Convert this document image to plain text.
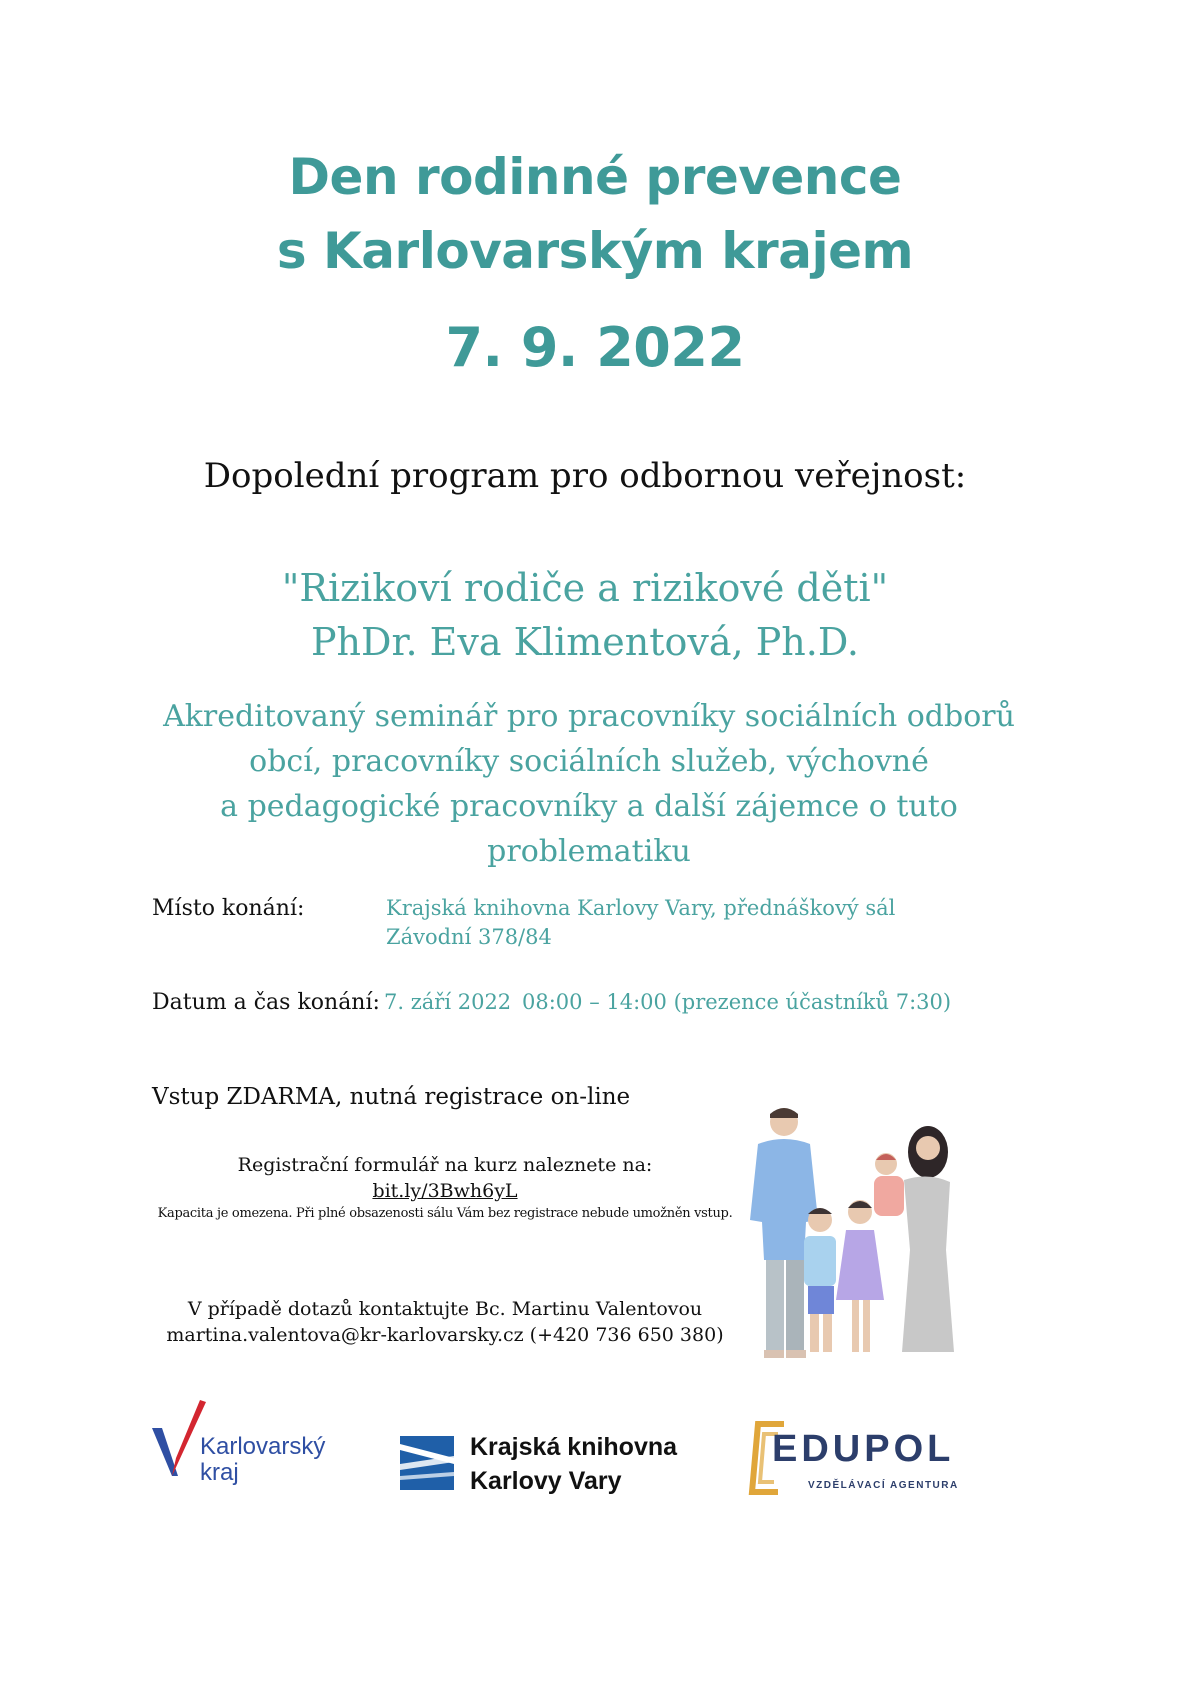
Den rodinné prevence
s Karlovarským krajem
7. 9. 2022
Dopolední program pro odbornou veřejnost:
"Rizikoví rodiče a rizikové děti"
PhDr. Eva Klimentová, Ph.D.
Akreditovaný seminář pro pracovníky sociálních odborů
obcí, pracovníky sociálních služeb, výchovné
a pedagogické pracovníky a další zájemce o tuto
problematiku
Místo konání:	Krajská knihovna Karlovy Vary, přednáškový sál
Závodní 378/84
Datum a čas konání: 7. září 2022 08:00 – 14:00 (prezence účastníků 7:30)
Vstup ZDARMA, nutná registrace on-line
Registrační formulář na kurz naleznete na:
bit.ly/3Bwh6yL
Kapacita je omezena. Při plné obsazenosti sálu Vám bez registrace nebude umožněn vstup.
V případě dotazů kontaktujte Bc. Martinu Valentovou
martina.valentova@kr-karlovarsky.cz (+420 736 650 380)
Karlovarský
kraj
Krajská knihovna
Karlovy Vary
EDUPOL
VZDĚLÁVACÍ AGENTURA
